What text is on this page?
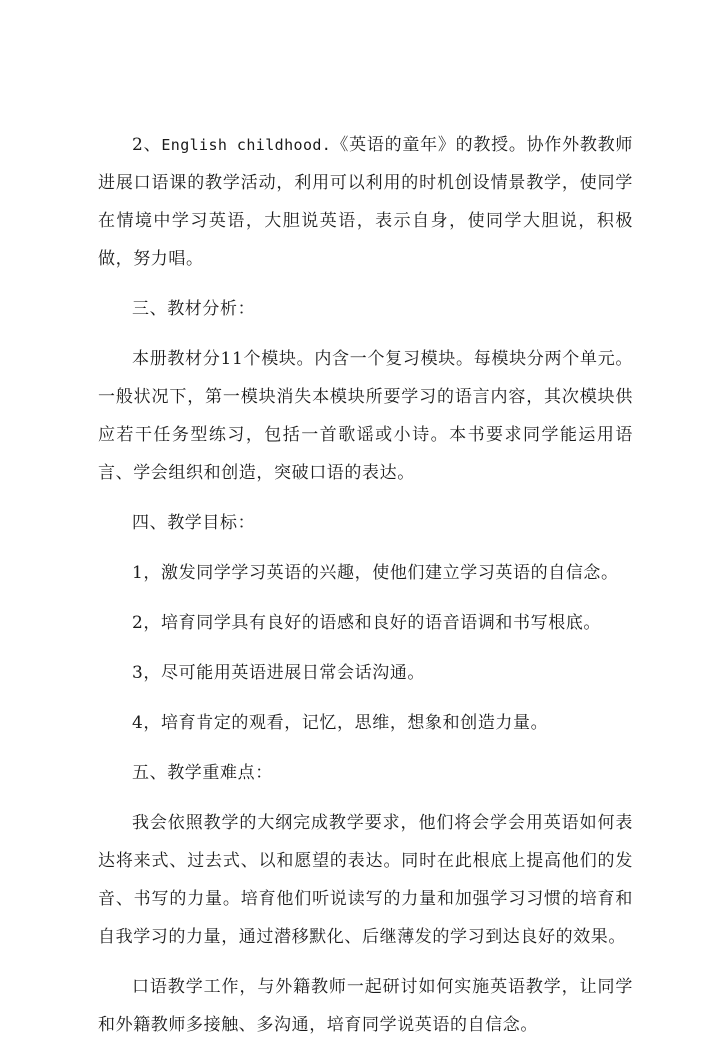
2、English childhood.《英语的童年》的教授。协作外教教师进展口语课的教学活动，利用可以利用的时机创设情景教学，使同学在情境中学习英语，大胆说英语，表示自身，使同学大胆说，积极做，努力唱。

三、教材分析：

本册教材分11个模块。内含一个复习模块。每模块分两个单元。一般状况下，第一模块消失本模块所要学习的语言内容，其次模块供应若干任务型练习，包括一首歌谣或小诗。本书要求同学能运用语言、学会组织和创造，突破口语的表达。

四、教学目标：

1，激发同学学习英语的兴趣，使他们建立学习英语的自信念。

2，培育同学具有良好的语感和良好的语音语调和书写根底。

3，尽可能用英语进展日常会话沟通。

4，培育肯定的观看，记忆，思维，想象和创造力量。

五、教学重难点：

我会依照教学的大纲完成教学要求，他们将会学会用英语如何表达将来式、过去式、以和愿望的表达。同时在此根底上提高他们的发音、书写的力量。培育他们听说读写的力量和加强学习习惯的培育和自我学习的力量，通过潜移默化、后继薄发的学习到达良好的效果。

口语教学工作，与外籍教师一起研讨如何实施英语教学，让同学和外籍教师多接触、多沟通，培育同学说英语的自信念。
